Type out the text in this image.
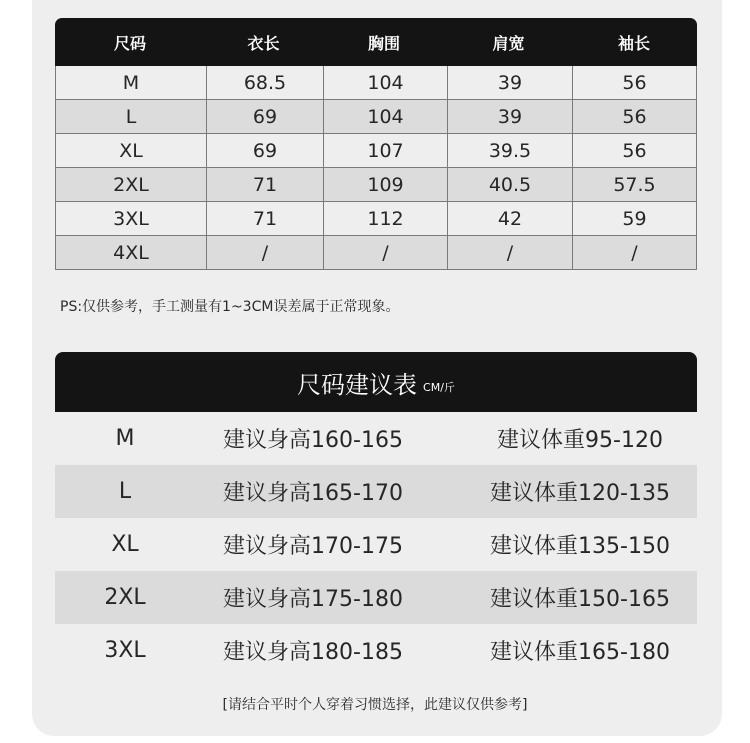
尺码	衣长	胸围	肩宽	袖长
M	68.5	104	39	56
L	69	104	39	56
XL	69	107	39.5	56
2XL	71	109	40.5	57.5
3XL	71	112	42	59
4XL	/	/	/	/
PS:仅供参考，手工测量有1~3CM误差属于正常现象。
尺码建议表 CM/斤
M	建议身高160-165	建议体重95-120
L	建议身高165-170	建议体重120-135
XL	建议身高170-175	建议体重135-150
2XL	建议身高175-180	建议体重150-165
3XL	建议身高180-185	建议体重165-180
[请结合平时个人穿着习惯选择，此建议仅供参考]
